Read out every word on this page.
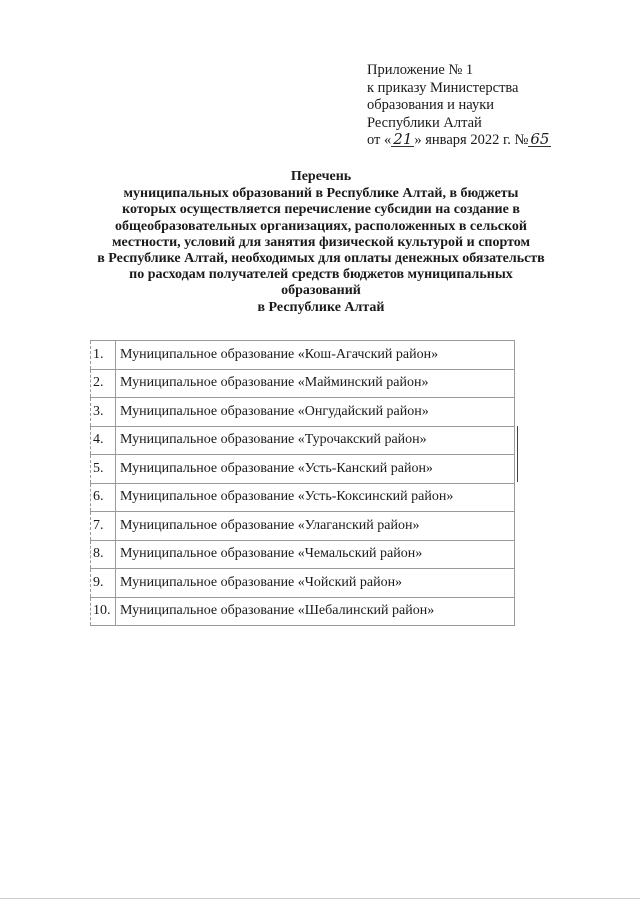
Приложение № 1
к приказу Министерства
образования и науки
Республики Алтай
от « 21 » января 2022 г. № 65
Перечень
муниципальных образований в Республике Алтай, в бюджеты
которых осуществляется перечисление субсидии на создание в
общеобразовательных организациях, расположенных в сельской
местности, условий для занятия физической культурой и спортом
в Республике Алтай, необходимых для оплаты денежных обязательств
по расходам получателей средств бюджетов муниципальных
образований
в Республике Алтай
1.	Муниципальное образование «Кош-Агачский район»
2.	Муниципальное образование «Майминский район»
3.	Муниципальное образование «Онгудайский район»
4.	Муниципальное образование «Турочакский район»
5.	Муниципальное образование «Усть-Канский район»
6.	Муниципальное образование «Усть-Коксинский район»
7.	Муниципальное образование «Улаганский район»
8.	Муниципальное образование «Чемальский район»
9.	Муниципальное образование «Чойский район»
10.	Муниципальное образование «Шебалинский район»
